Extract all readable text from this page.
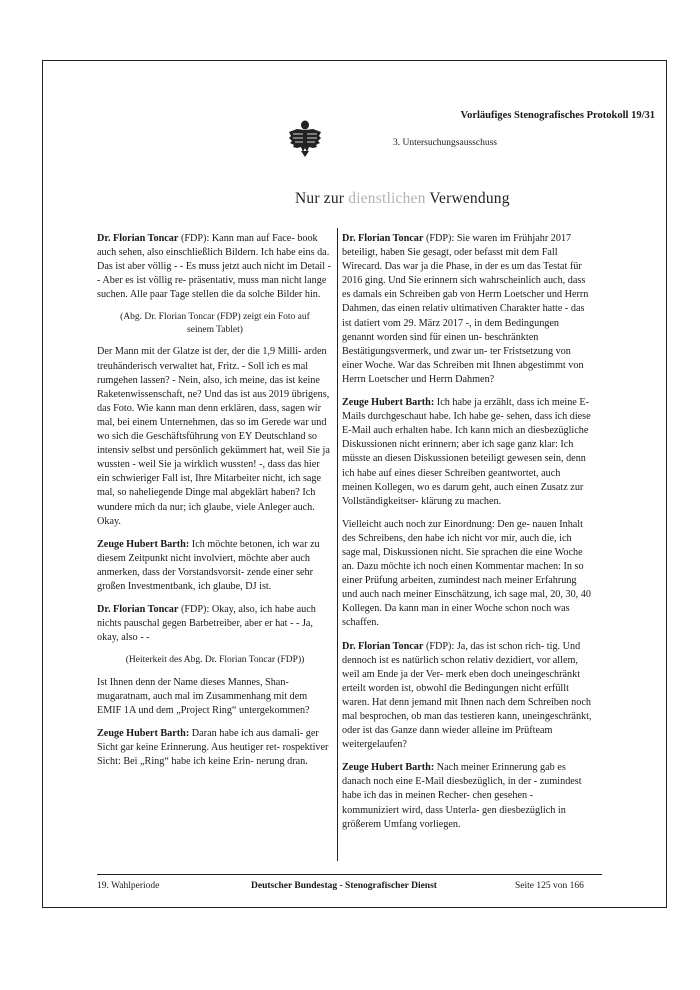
Vorläufiges Stenografisches Protokoll 19/31
3. Untersuchungsausschuss
Nur zur dienstlichen Verwendung

Dr. Florian Toncar (FDP): Kann man auf Face- book auch sehen, also einschließlich Bildern. Ich habe eins da. Das ist aber völlig - - Es muss jetzt auch nicht im Detail - - Aber es ist völlig re- präsentativ, muss man nicht lange suchen. Alle paar Tage stellen die da solche Bilder hin.

(Abg. Dr. Florian Toncar (FDP) zeigt ein Foto auf seinem Tablet)

Der Mann mit der Glatze ist der, der die 1,9 Milli- arden treuhänderisch verwaltet hat, Fritz. - Soll ich es mal rumgehen lassen? - Nein, also, ich meine, das ist keine Raketenwissenschaft, ne? Und das ist aus 2019 übrigens, das Foto. Wie kann man denn erklären, dass, sagen wir mal, bei einem Unternehmen, das so im Gerede war und wo sich die Geschäftsführung von EY Deutschland so intensiv selbst und persönlich gekümmert hat, weil Sie ja wussten - weil Sie ja wirklich wussten! -, dass das hier ein schwieriger Fall ist, Ihre Mitarbeiter nicht, ich sage mal, so naheliegende Dinge mal abgeklärt haben? Ich wundere mich da nur; ich glaube, viele Anleger auch. Okay.

Zeuge Hubert Barth: Ich möchte betonen, ich war zu diesem Zeitpunkt nicht involviert, möchte aber auch anmerken, dass der Vorstandsvorsit- zende einer sehr großen Investmentbank, ich glaube, DJ ist.

Dr. Florian Toncar (FDP): Okay, also, ich habe auch nichts pauschal gegen Barbetreiber, aber er hat - - Ja, okay, also - -

(Heiterkeit des Abg. Dr. Florian Toncar (FDP))

Ist Ihnen denn der Name dieses Mannes, Shan- mugaratnam, auch mal im Zusammenhang mit dem EMIF 1A und dem „Project Ring“ untergekommen?

Zeuge Hubert Barth: Daran habe ich aus damali- ger Sicht gar keine Erinnerung. Aus heutiger ret- rospektiver Sicht: Bei „Ring“ habe ich keine Erin- nerung dran.

Dr. Florian Toncar (FDP): Sie waren im Frühjahr 2017 beteiligt, haben Sie gesagt, oder befasst mit dem Fall Wirecard. Das war ja die Phase, in der es um das Testat für 2016 ging. Und Sie erinnern sich wahrscheinlich auch, dass es damals ein Schreiben gab von Herrn Loetscher und Herrn Dahmen, das einen relativ ultimativen Charakter hatte - das ist datiert vom 29. März 2017 -, in dem Bedingungen genannt worden sind für einen un- beschränkten Bestätigungsvermerk, und zwar un- ter Fristsetzung von einer Woche. War das Schreiben mit Ihnen abgestimmt von Herrn Loetscher und Herrn Dahmen?

Zeuge Hubert Barth: Ich habe ja erzählt, dass ich meine E-Mails durchgeschaut habe. Ich habe ge- sehen, dass ich diese E-Mail auch erhalten habe. Ich kann mich an diesbezügliche Diskussionen nicht erinnern; aber ich sage ganz klar: Ich müsste an diesen Diskussionen beteiligt gewesen sein, denn ich habe auf eines dieser Schreiben geantwortet, auch meinen Kollegen, wo es darum geht, auch einen Zusatz zur Vollständigkeitser- klärung zu machen.

Vielleicht auch noch zur Einordnung: Den ge- nauen Inhalt des Schreibens, den habe ich nicht vor mir, auch die, ich sage mal, Diskussionen nicht. Sie sprachen die eine Woche an. Dazu möchte ich noch einen Kommentar machen: In so einer Prüfung arbeiten, zumindest nach meiner Erfahrung und auch nach meiner Einschätzung, ich sage mal, 20, 30, 40 Kollegen. Da kann man in einer Woche schon noch was schaffen.

Dr. Florian Toncar (FDP): Ja, das ist schon rich- tig. Und dennoch ist es natürlich schon relativ dezidiert, vor allem, weil am Ende ja der Ver- merk eben doch uneingeschränkt erteilt worden ist, obwohl die Bedingungen nicht erfüllt waren. Hat denn jemand mit Ihnen nach dem Schreiben noch mal besprochen, ob man das testieren kann, uneingeschränkt, oder ist das Ganze dann wieder alleine im Prüfteam weitergelaufen?

Zeuge Hubert Barth: Nach meiner Erinnerung gab es danach noch eine E-Mail diesbezüglich, in der - zumindest habe ich das in meinen Recher- chen gesehen - kommuniziert wird, dass Unterla- gen diesbezüglich in größerem Umfang vorliegen.

19. Wahlperiode	Deutscher Bundestag - Stenografischer Dienst	Seite 125 von 166
